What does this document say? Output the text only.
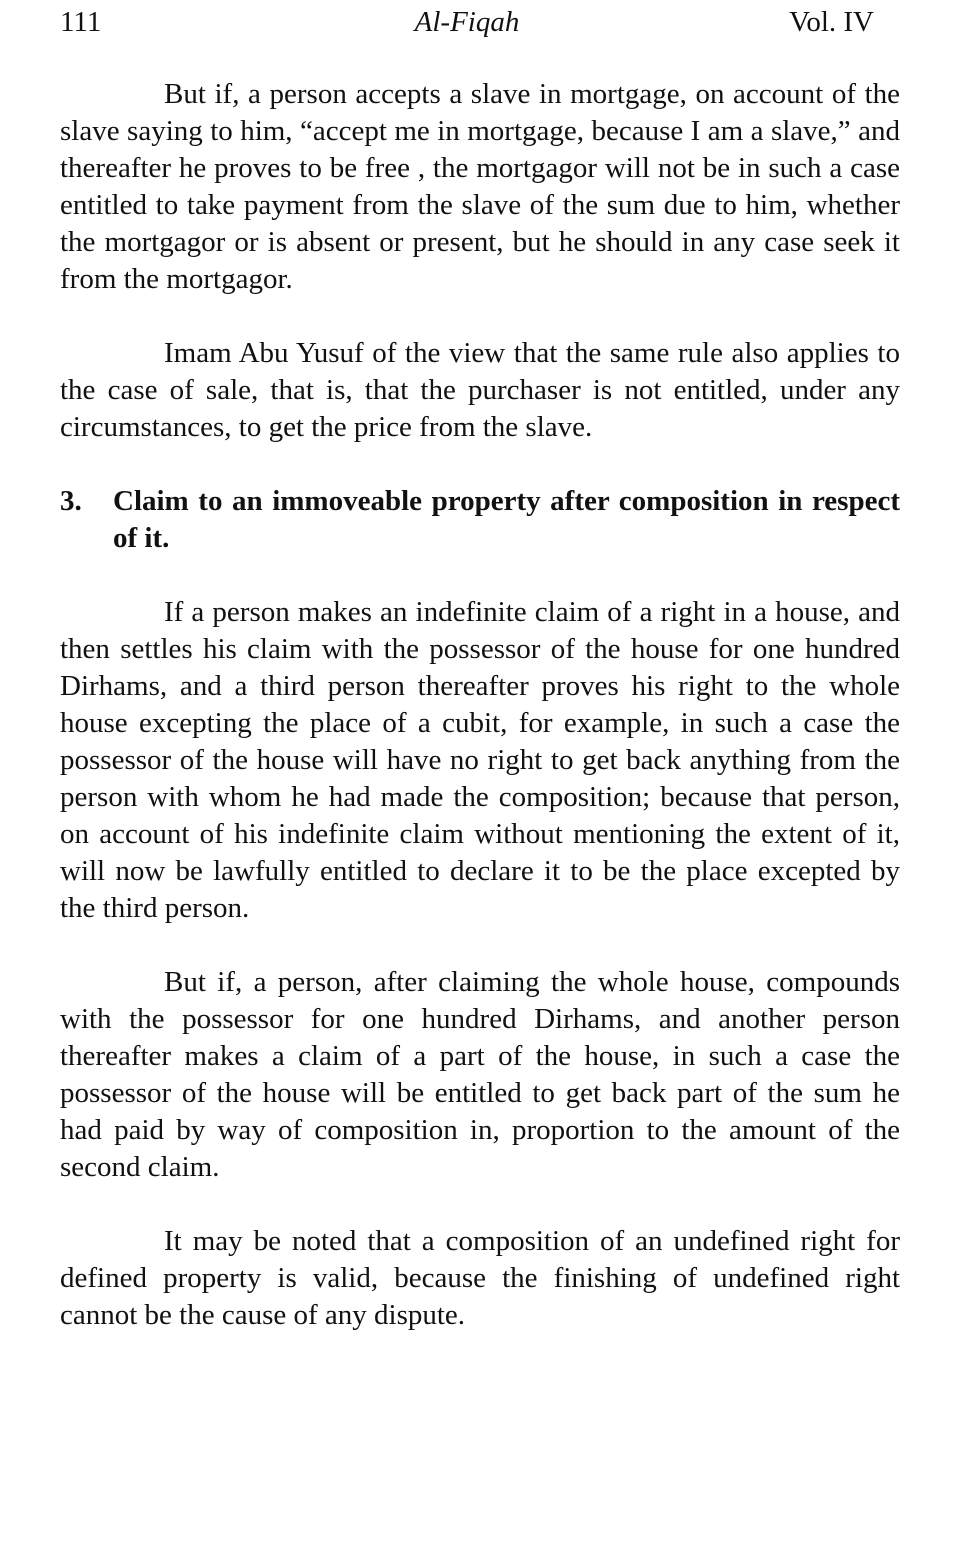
111	Al-Fiqah	Vol. IV

But if, a person accepts a slave in mortgage, on account of the slave saying to him, “accept me in mortgage, because I am a slave,” and thereafter he proves to be free , the mortgagor will not be in such a case entitled to take payment from the slave of the sum due to him, whether the mortgagor or is absent or present, but he should in any case seek it from the mortgagor.

Imam Abu Yusuf of the view that the same rule also applies to the case of sale, that is, that the purchaser is not entitled, under any circumstances, to get the price from the slave.

3.	Claim to an immoveable property after composition in respect of it.

If a person makes an indefinite claim of a right in a house, and then settles his claim with the possessor of the house for one hundred Dirhams, and a third person thereafter proves his right to the whole house excepting the place of a cubit, for example, in such a case the possessor of the house will have no right to get back anything from the person with whom he had made the composition; because that person, on account of his indefinite claim without mentioning the extent of it, will now be lawfully entitled to declare it to be the place excepted by the third person.

But if, a person, after claiming the whole house, compounds with the possessor for one hundred Dirhams, and another person thereafter makes a claim of a part of the house, in such a case the possessor of the house will be entitled to get back part of the sum he had paid by way of composition in, proportion to the amount of the second claim.

It may be noted that a composition of an undefined right for defined property is valid, because the finishing of undefined right cannot be the cause of any dispute.
